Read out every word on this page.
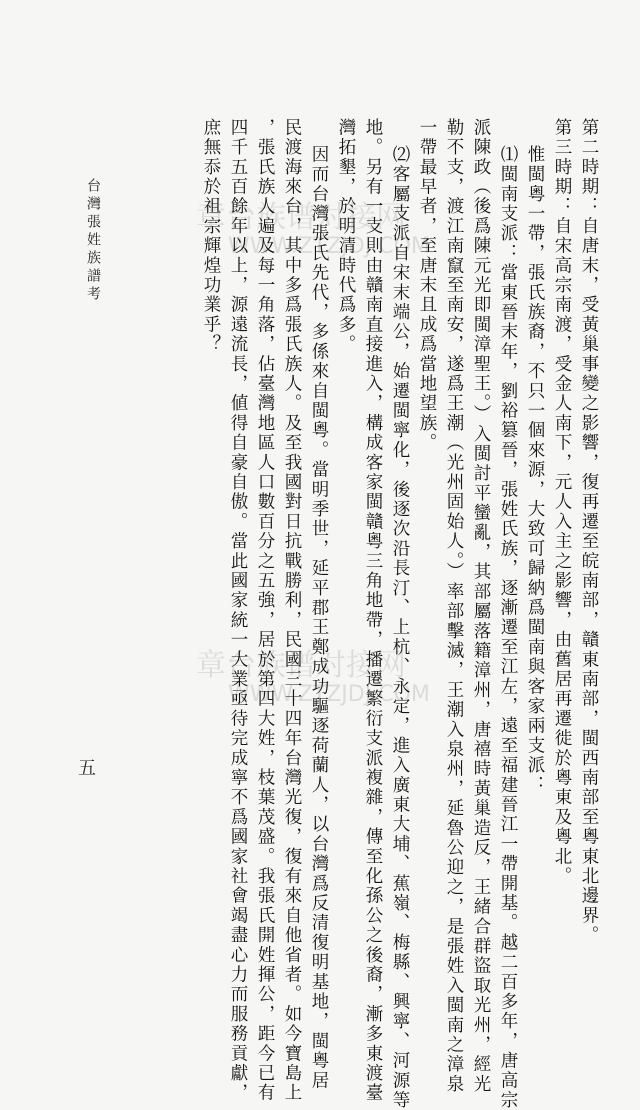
第二時期：自唐末，受黃巢事變之影響，復再遷至皖南部，贛東南部，閩西南部至粵東北邊界。
第三時期：自宋高宗南渡，受金人南下，元人入主之影響，由舊居再遷徙於粵東及粵北。
惟閩粵一帶，張氏族裔，不只一個來源，大致可歸納爲閩南與客家兩支派：
⑴閩南支派：當東晉末年，劉裕篡晉，張姓氏族，逐漸遷至江左，遠至福建晉江一帶開基。越二百多年，唐高宗
派陳政（後爲陳元光即閩漳聖王。）入閩討平蠻亂，其部屬落籍漳州，唐禧時黃巢造反，王緒合群盜取光州，經光
勒不支，渡江南竄至南安，遂爲王潮（光州固始人。）率部擊滅，王潮入泉州，延魯公迎之，是張姓入閩南之漳泉
一帶最早者，至唐末且成爲當地望族。
⑵客屬支派自宋末端公，始遷閩寧化，後逐次沿長汀、上杭、永定，進入廣東大埔、蕉嶺、梅縣、興寧、河源等
地。另有一支則由贛南直接進入，構成客家閩贛粵三角地帶，播遷繁衍支派複雜，傳至化孫公之後裔，漸多東渡臺
灣拓墾，於明清時代爲多。
因而台灣張氏先代，多係來自閩粵。當明季世，延平郡王鄭成功驅逐荷蘭人，以台灣爲反清復明基地，閩粵居
民渡海來台，其中多爲張氏族人。及至我國對日抗戰勝利，民國三十四年台灣光復，復有來自他省者。如今寶島上
，張氏族人遍及每一角落，佔臺灣地區人口數百分之五強，居於第四大姓，枝葉茂盛。我張氏開姓揮公，距今已有
四千五百餘年以上，源遠流長，値得自豪自傲。當此國家統一大業亟待完成寧不爲國家社會竭盡心力而服務貢獻，
庶無忝於祖宗輝煌功業乎？
台灣張姓族譜考
五
章台族谱对接网
WWW.ZTZJDJ.COM
章台族谱对接网
WWW.ZTZJDJ.COM
